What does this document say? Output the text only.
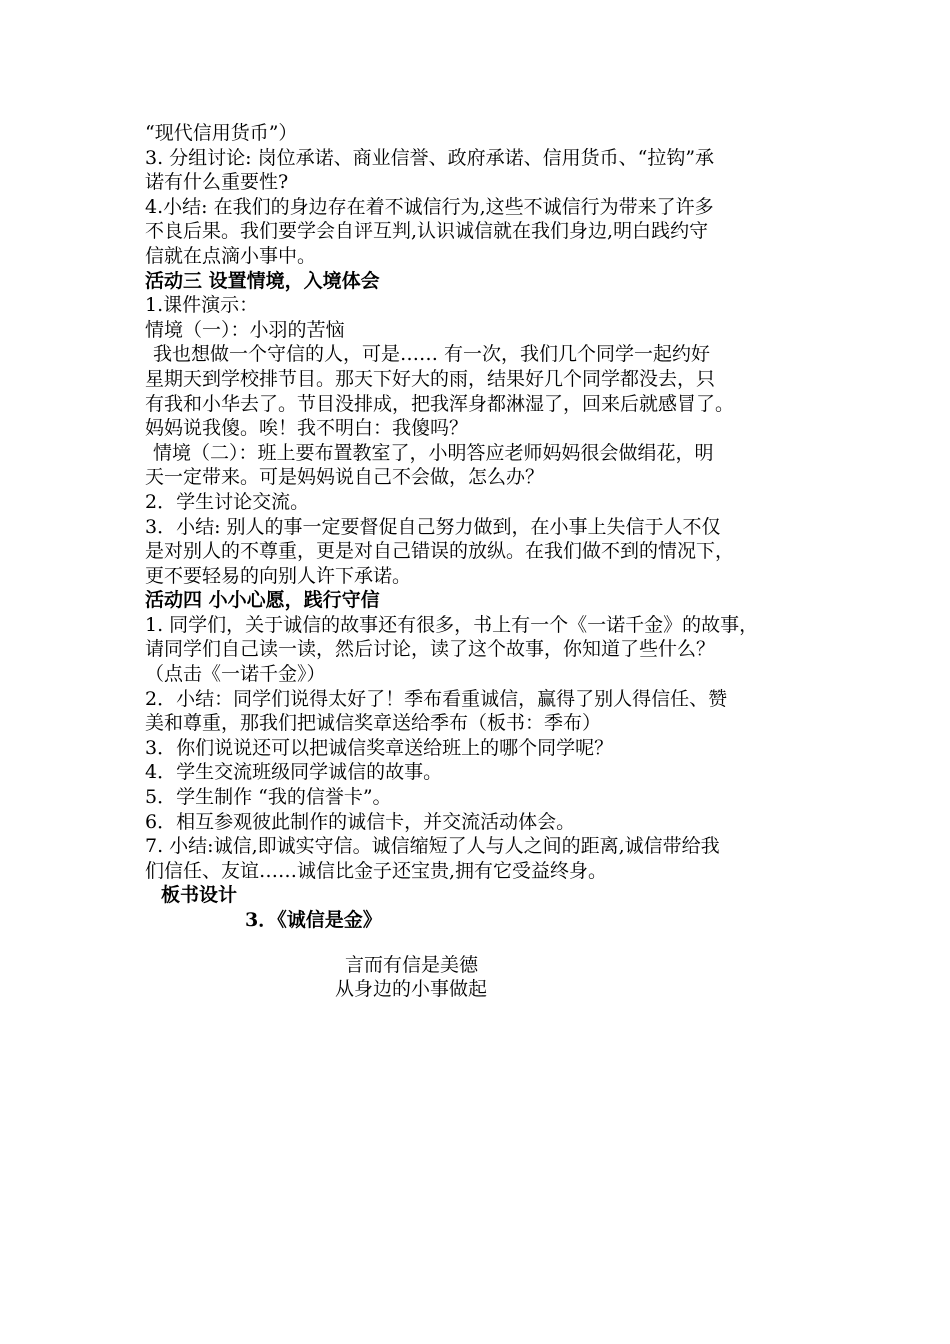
“现代信用货币”）

3. 分组讨论: 岗位承诺、商业信誉、政府承诺、信用货币、“拉钩”承

诺有什么重要性?

4.小结: 在我们的身边存在着不诚信行为,这些不诚信行为带来了许多

不良后果。我们要学会自评互判,认识诚信就在我们身边,明白践约守

信就在点滴小事中。

活动三 设置情境，入境体会

1.课件演示：

情境（一）：小羽的苦恼

我也想做一个守信的人，可是…… 有一次，我们几个同学一起约好

星期天到学校排节目。那天下好大的雨，结果好几个同学都没去，只

有我和小华去了。节目没排成，把我浑身都淋湿了，回来后就感冒了。

妈妈说我傻。唉！我不明白：我傻吗？

情境（二）：班上要布置教室了，小明答应老师妈妈很会做绢花，明

天一定带来。可是妈妈说自己不会做，怎么办？

2．学生讨论交流。

3．小结: 别人的事一定要督促自己努力做到，在小事上失信于人不仅

是对别人的不尊重，更是对自己错误的放纵。在我们做不到的情况下，

更不要轻易的向别人许下承诺。

活动四 小小心愿，践行守信

1. 同学们，关于诚信的故事还有很多，书上有一个《一诺千金》的故事，

请同学们自己读一读，然后讨论，读了这个故事，你知道了些什么？

（点击《一诺千金》）

2．小结：同学们说得太好了！季布看重诚信，赢得了别人得信任、赞

美和尊重，那我们把诚信奖章送给季布（板书：季布）

3．你们说说还可以把诚信奖章送给班上的哪个同学呢？

4．学生交流班级同学诚信的故事。

5．学生制作 “我的信誉卡”。

6．相互参观彼此制作的诚信卡，并交流活动体会。

7. 小结:诚信,即诚实守信。诚信缩短了人与人之间的距离,诚信带给我

们信任、友谊……诚信比金子还宝贵,拥有它受益终身。

板书设计

3．《诚信是金》

言而有信是美德

从身边的小事做起
